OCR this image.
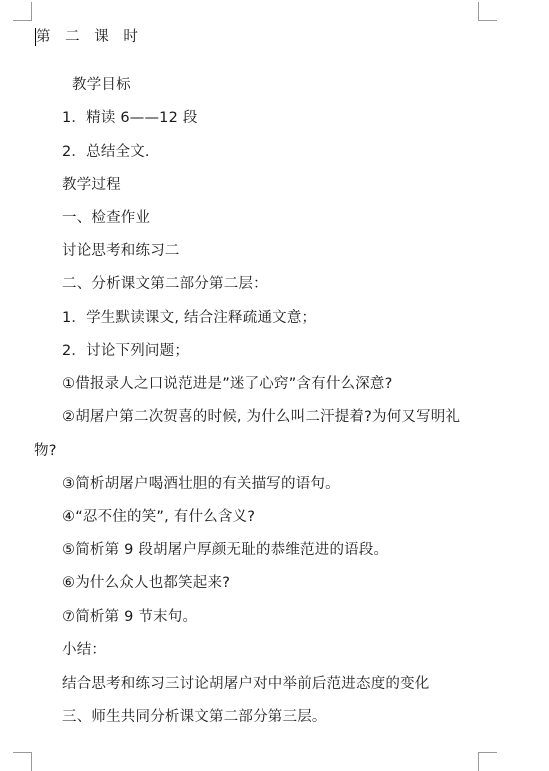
第 二 课 时
教学目标
1．精读 6——12 段
2．总结全文.
教学过程
一、检查作业
讨论思考和练习二
二、分析课文第二部分第二层：
1．学生默读课文, 结合注释疏通文意；
2．讨论下列问题；
①借报录人之口说范进是”迷了心窍”含有什么深意?
②胡屠户第二次贺喜的时候, 为什么叫二汗提着?为何又写明礼
物?
③简析胡屠户喝酒壮胆的有关描写的语句。
④“忍不住的笑”, 有什么含义?
⑤简析第 9 段胡屠户厚颜无耻的恭维范进的语段。
⑥为什么众人也都笑起来?
⑦简析第 9 节末句。
小结：
结合思考和练习三讨论胡屠户对中举前后范进态度的变化
三、师生共同分析课文第二部分第三层。
